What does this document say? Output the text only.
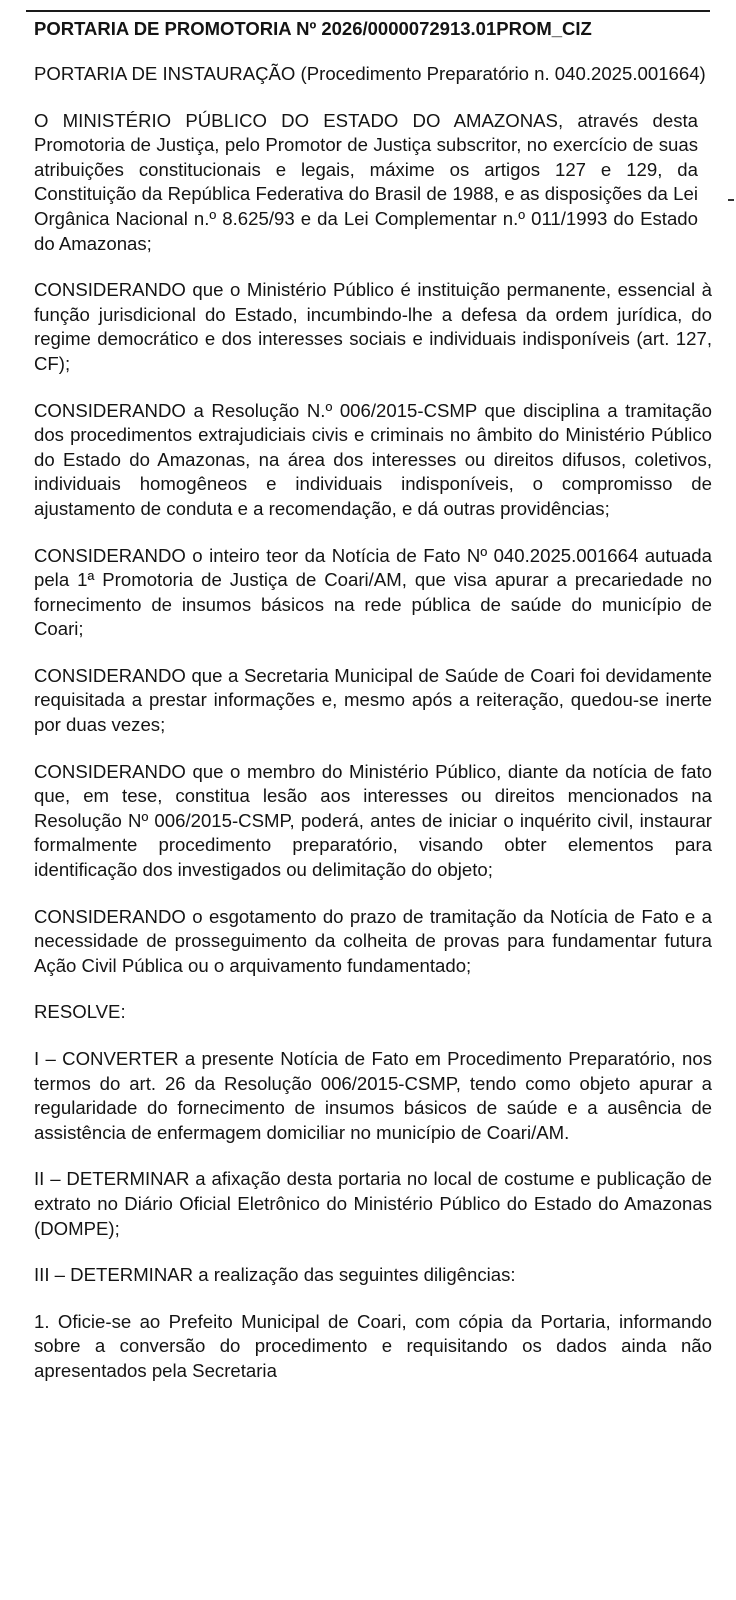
PORTARIA DE PROMOTORIA Nº 2026/0000072913.01PROM_CIZ

PORTARIA DE INSTAURAÇÃO (Procedimento Preparatório n. 040.2025.001664)

O MINISTÉRIO PÚBLICO DO ESTADO DO AMAZONAS, através desta Promotoria de Justiça, pelo Promotor de Justiça subscritor, no exercício de suas atribuições constitucionais e legais, máxime os artigos 127 e 129, da Constituição da República Federativa do Brasil de 1988, e as disposições da Lei Orgânica Nacional n.º 8.625/93 e da Lei Complementar n.º 011/1993 do Estado do Amazonas;

CONSIDERANDO que o Ministério Público é instituição permanente, essencial à função jurisdicional do Estado, incumbindo-lhe a defesa da ordem jurídica, do regime democrático e dos interesses sociais e individuais indisponíveis (art. 127, CF);

CONSIDERANDO a Resolução N.º 006/2015-CSMP que disciplina a tramitação dos procedimentos extrajudiciais civis e criminais no âmbito do Ministério Público do Estado do Amazonas, na área dos interesses ou direitos difusos, coletivos, individuais homogêneos e individuais indisponíveis, o compromisso de ajustamento de conduta e a recomendação, e dá outras providências;

CONSIDERANDO o inteiro teor da Notícia de Fato Nº 040.2025.001664 autuada pela 1ª Promotoria de Justiça de Coari/AM, que visa apurar a precariedade no fornecimento de insumos básicos na rede pública de saúde do município de Coari;

CONSIDERANDO que a Secretaria Municipal de Saúde de Coari foi devidamente requisitada a prestar informações e, mesmo após a reiteração, quedou-se inerte por duas vezes;

CONSIDERANDO que o membro do Ministério Público, diante da notícia de fato que, em tese, constitua lesão aos interesses ou direitos mencionados na Resolução Nº 006/2015-CSMP, poderá, antes de iniciar o inquérito civil, instaurar formalmente procedimento preparatório, visando obter elementos para identificação dos investigados ou delimitação do objeto;

CONSIDERANDO o esgotamento do prazo de tramitação da Notícia de Fato e a necessidade de prosseguimento da colheita de provas para fundamentar futura Ação Civil Pública ou o arquivamento fundamentado;

RESOLVE:

I – CONVERTER a presente Notícia de Fato em Procedimento Preparatório, nos termos do art. 26 da Resolução 006/2015-CSMP, tendo como objeto apurar a regularidade do fornecimento de insumos básicos de saúde e a ausência de assistência de enfermagem domiciliar no município de Coari/AM.

II – DETERMINAR a afixação desta portaria no local de costume e publicação de extrato no Diário Oficial Eletrônico do Ministério Público do Estado do Amazonas (DOMPE);

III – DETERMINAR a realização das seguintes diligências:

1. Oficie-se ao Prefeito Municipal de Coari, com cópia da Portaria, informando sobre a conversão do procedimento e requisitando os dados ainda não apresentados pela Secretaria
